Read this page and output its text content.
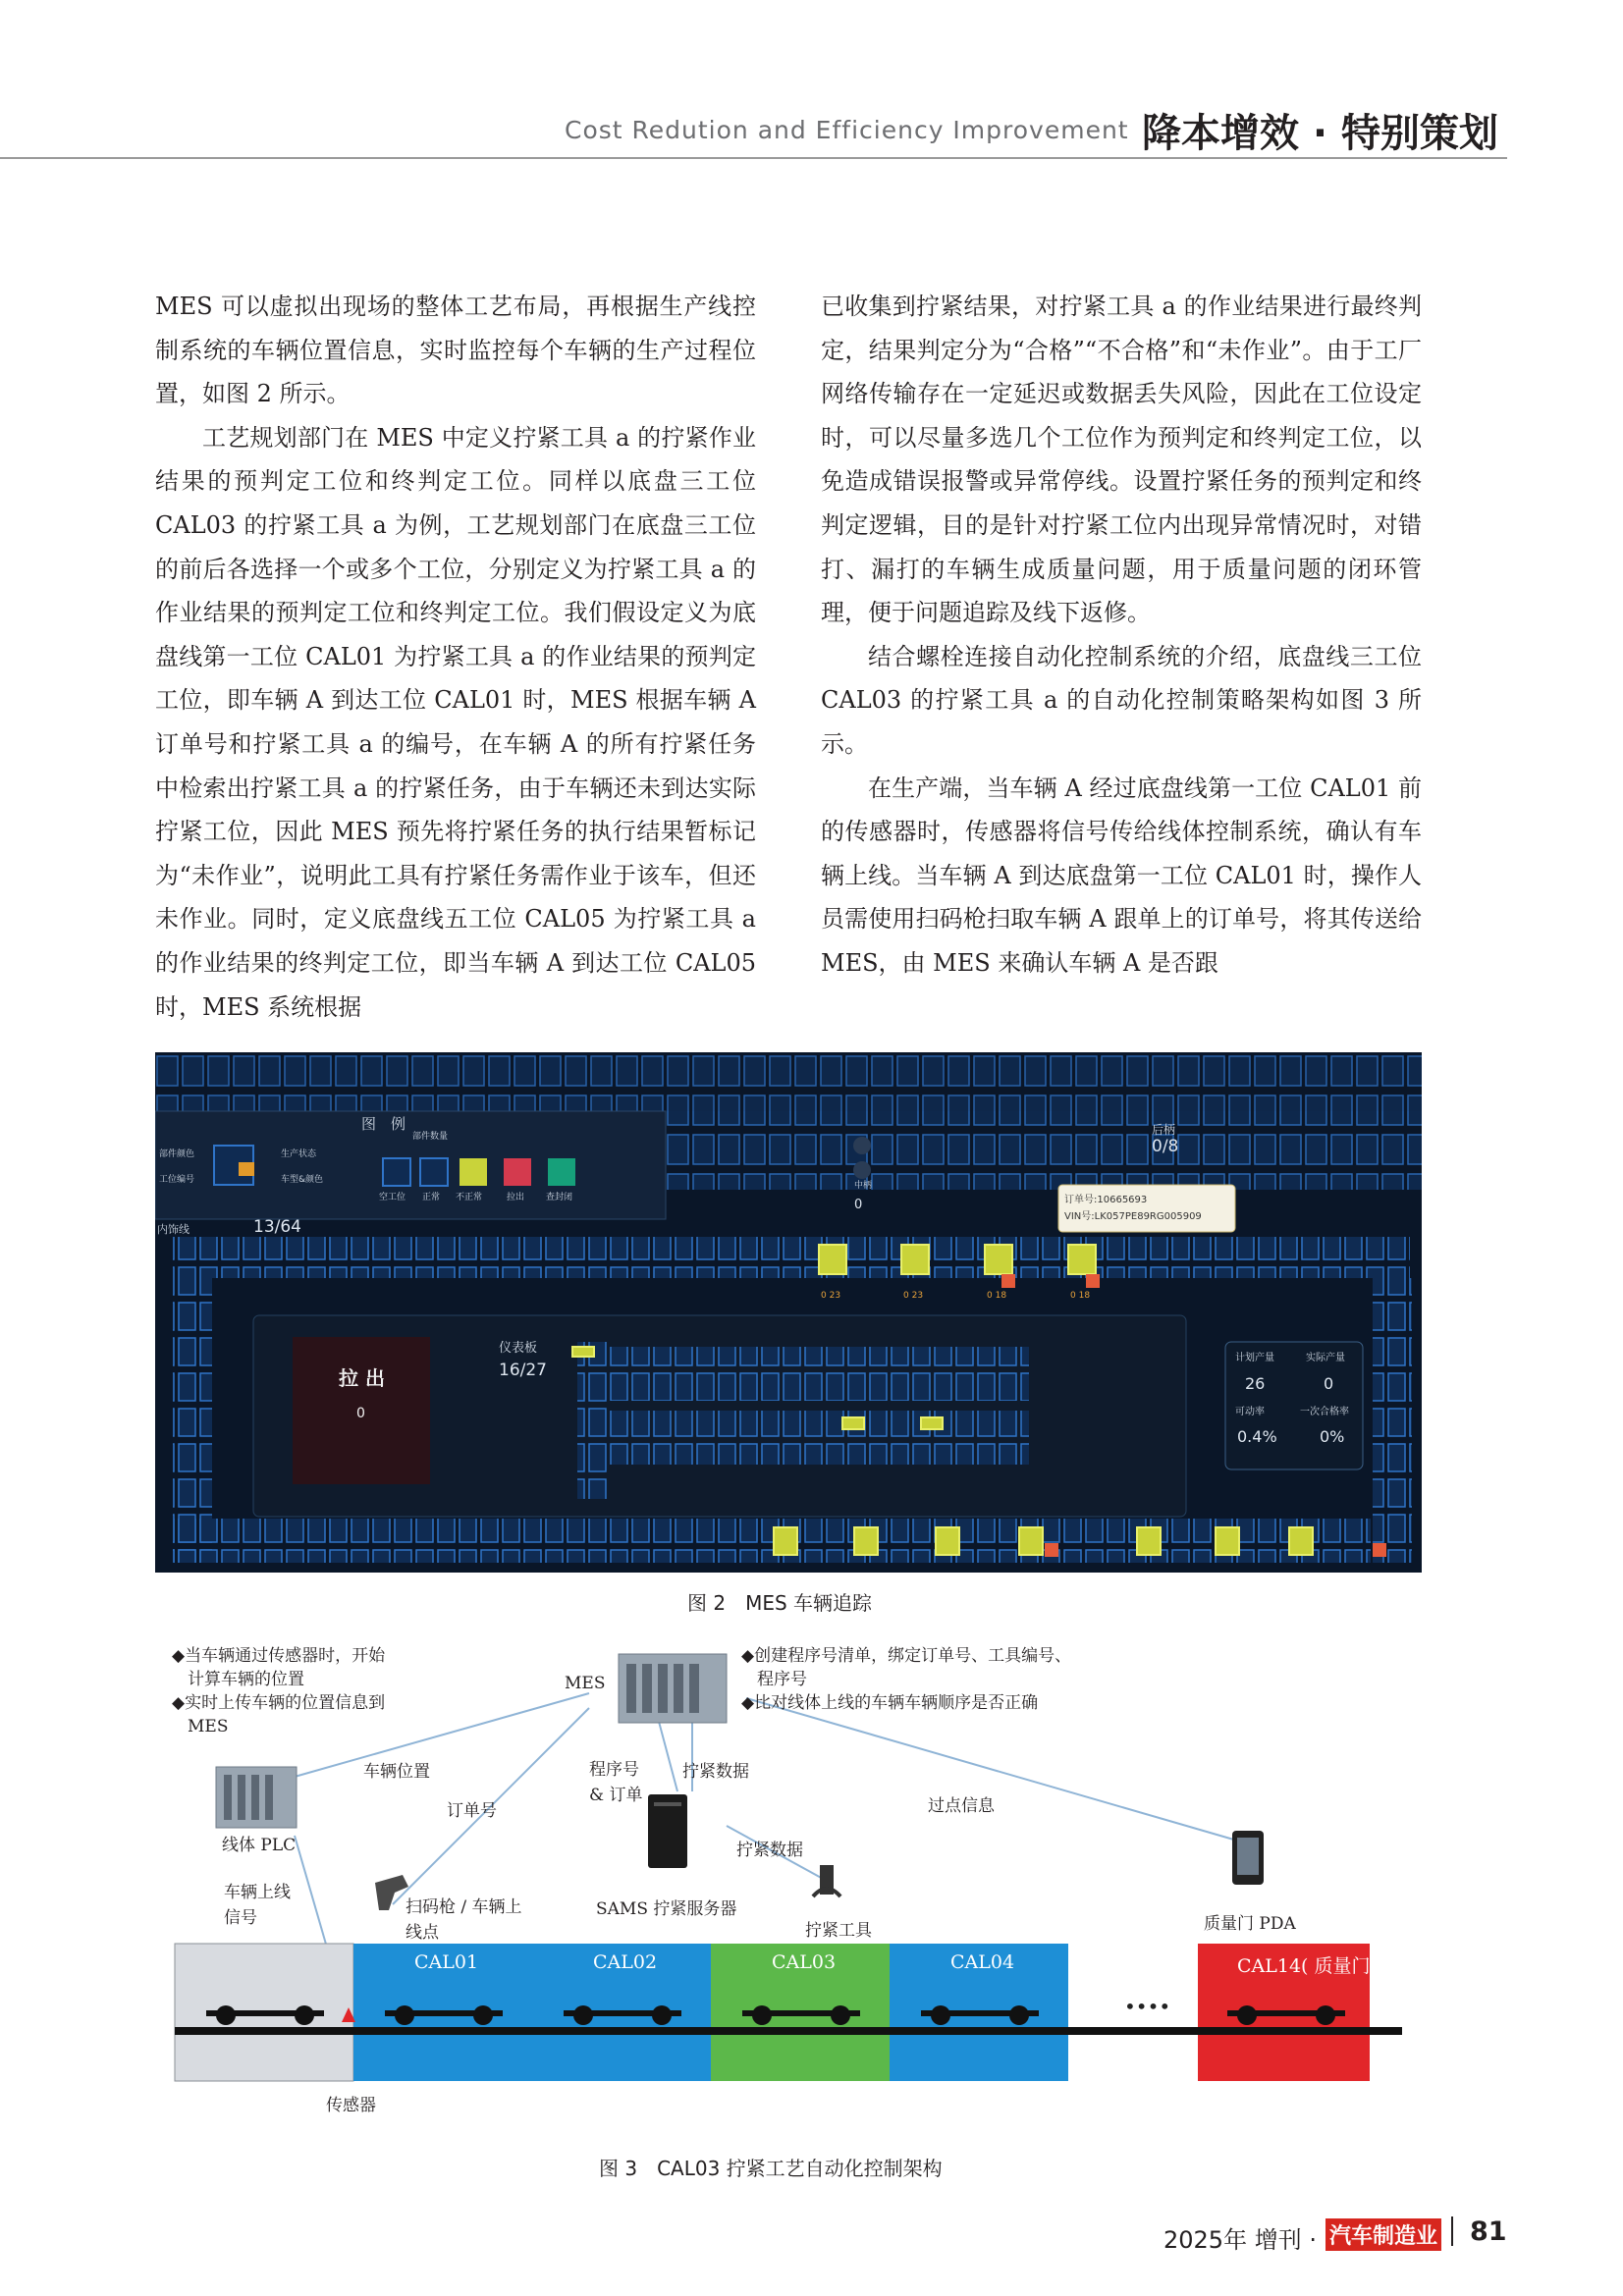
Cost Redution and Efficiency Improvement 降本增效 · 特别策划

MES 可以虚拟出现场的整体工艺布局，再根据生产线控制系统的车辆位置信息，实时监控每个车辆的生产过程位置，如图 2 所示。

工艺规划部门在 MES 中定义拧紧工具 a 的拧紧作业结果的预判定工位和终判定工位。同样以底盘三工位 CAL03 的拧紧工具 a 为例，工艺规划部门在底盘三工位的前后各选择一个或多个工位，分别定义为拧紧工具 a 的作业结果的预判定工位和终判定工位。我们假设定义为底盘线第一工位 CAL01 为拧紧工具 a 的作业结果的预判定工位，即车辆 A 到达工位 CAL01 时，MES 根据车辆 A 订单号和拧紧工具 a 的编号，在车辆 A 的所有拧紧任务中检索出拧紧工具 a 的拧紧任务，由于车辆还未到达实际拧紧工位，因此 MES 预先将拧紧任务的执行结果暂标记为“未作业”，说明此工具有拧紧任务需作业于该车，但还未作业。同时，定义底盘线五工位 CAL05 为拧紧工具 a 的作业结果的终判定工位，即当车辆 A 到达工位 CAL05 时，MES 系统根据

已收集到拧紧结果，对拧紧工具 a 的作业结果进行最终判定，结果判定分为“合格”“不合格”和“未作业”。由于工厂网络传输存在一定延迟或数据丢失风险，因此在工位设定时，可以尽量多选几个工位作为预判定和终判定工位，以免造成错误报警或异常停线。设置拧紧任务的预判定和终判定逻辑，目的是针对拧紧工位内出现异常情况时，对错打、漏打的车辆生成质量问题，用于质量问题的闭环管理，便于问题追踪及线下返修。

结合螺栓连接自动化控制系统的介绍，底盘线三工位 CAL03 的拧紧工具 a 的自动化控制策略架构如图 3 所示。

在生产端，当车辆 A 经过底盘线第一工位 CAL01 前的传感器时，传感器将信号传给线体控制系统，确认有车辆上线。当车辆 A 到达底盘第一工位 CAL01 时，操作人员需使用扫码枪扫取车辆 A 跟单上的订单号，将其传送给 MES，由 MES 来确认车辆 A 是否跟

图　例
部件数量
部件颜色
工位编号
生产状态
车型&颜色
空工位 正常 不正常	拉出 查封闭
内饰线	13/64
0
后柄
0/8
中柄
订单号:10665693
VIN号:LK057PE89RG005909
拉 出
0
仪表板
16/27
计划产量	实际产量
26	0
可动率	一次合格率
0.4%	0%
0 23	0 23	0 18	0 18
图 2　MES 车辆追踪
◆当车辆通过传感器时，开始
计算车辆的位置
◆实时上传车辆的位置信息到
MES
◆创建程序号清单，绑定订单号、工具编号、
程序号
◆比对线体上线的车辆车辆顺序是否正确
MES
线体 PLC
车辆位置
订单号
程序号
& 订单
拧紧数据
拧紧数据
过点信息
车辆上线
信号
扫码枪 / 车辆上
线点
SAMS 拧紧服务器
拧紧工具	质量门 PDA
CAL01	CAL02	CAL03	CAL04	CAL14( 质量门 )
••••
传感器
图 3　CAL03 拧紧工艺自动化控制架构
2025年 增刊 · 汽车制造业 81
